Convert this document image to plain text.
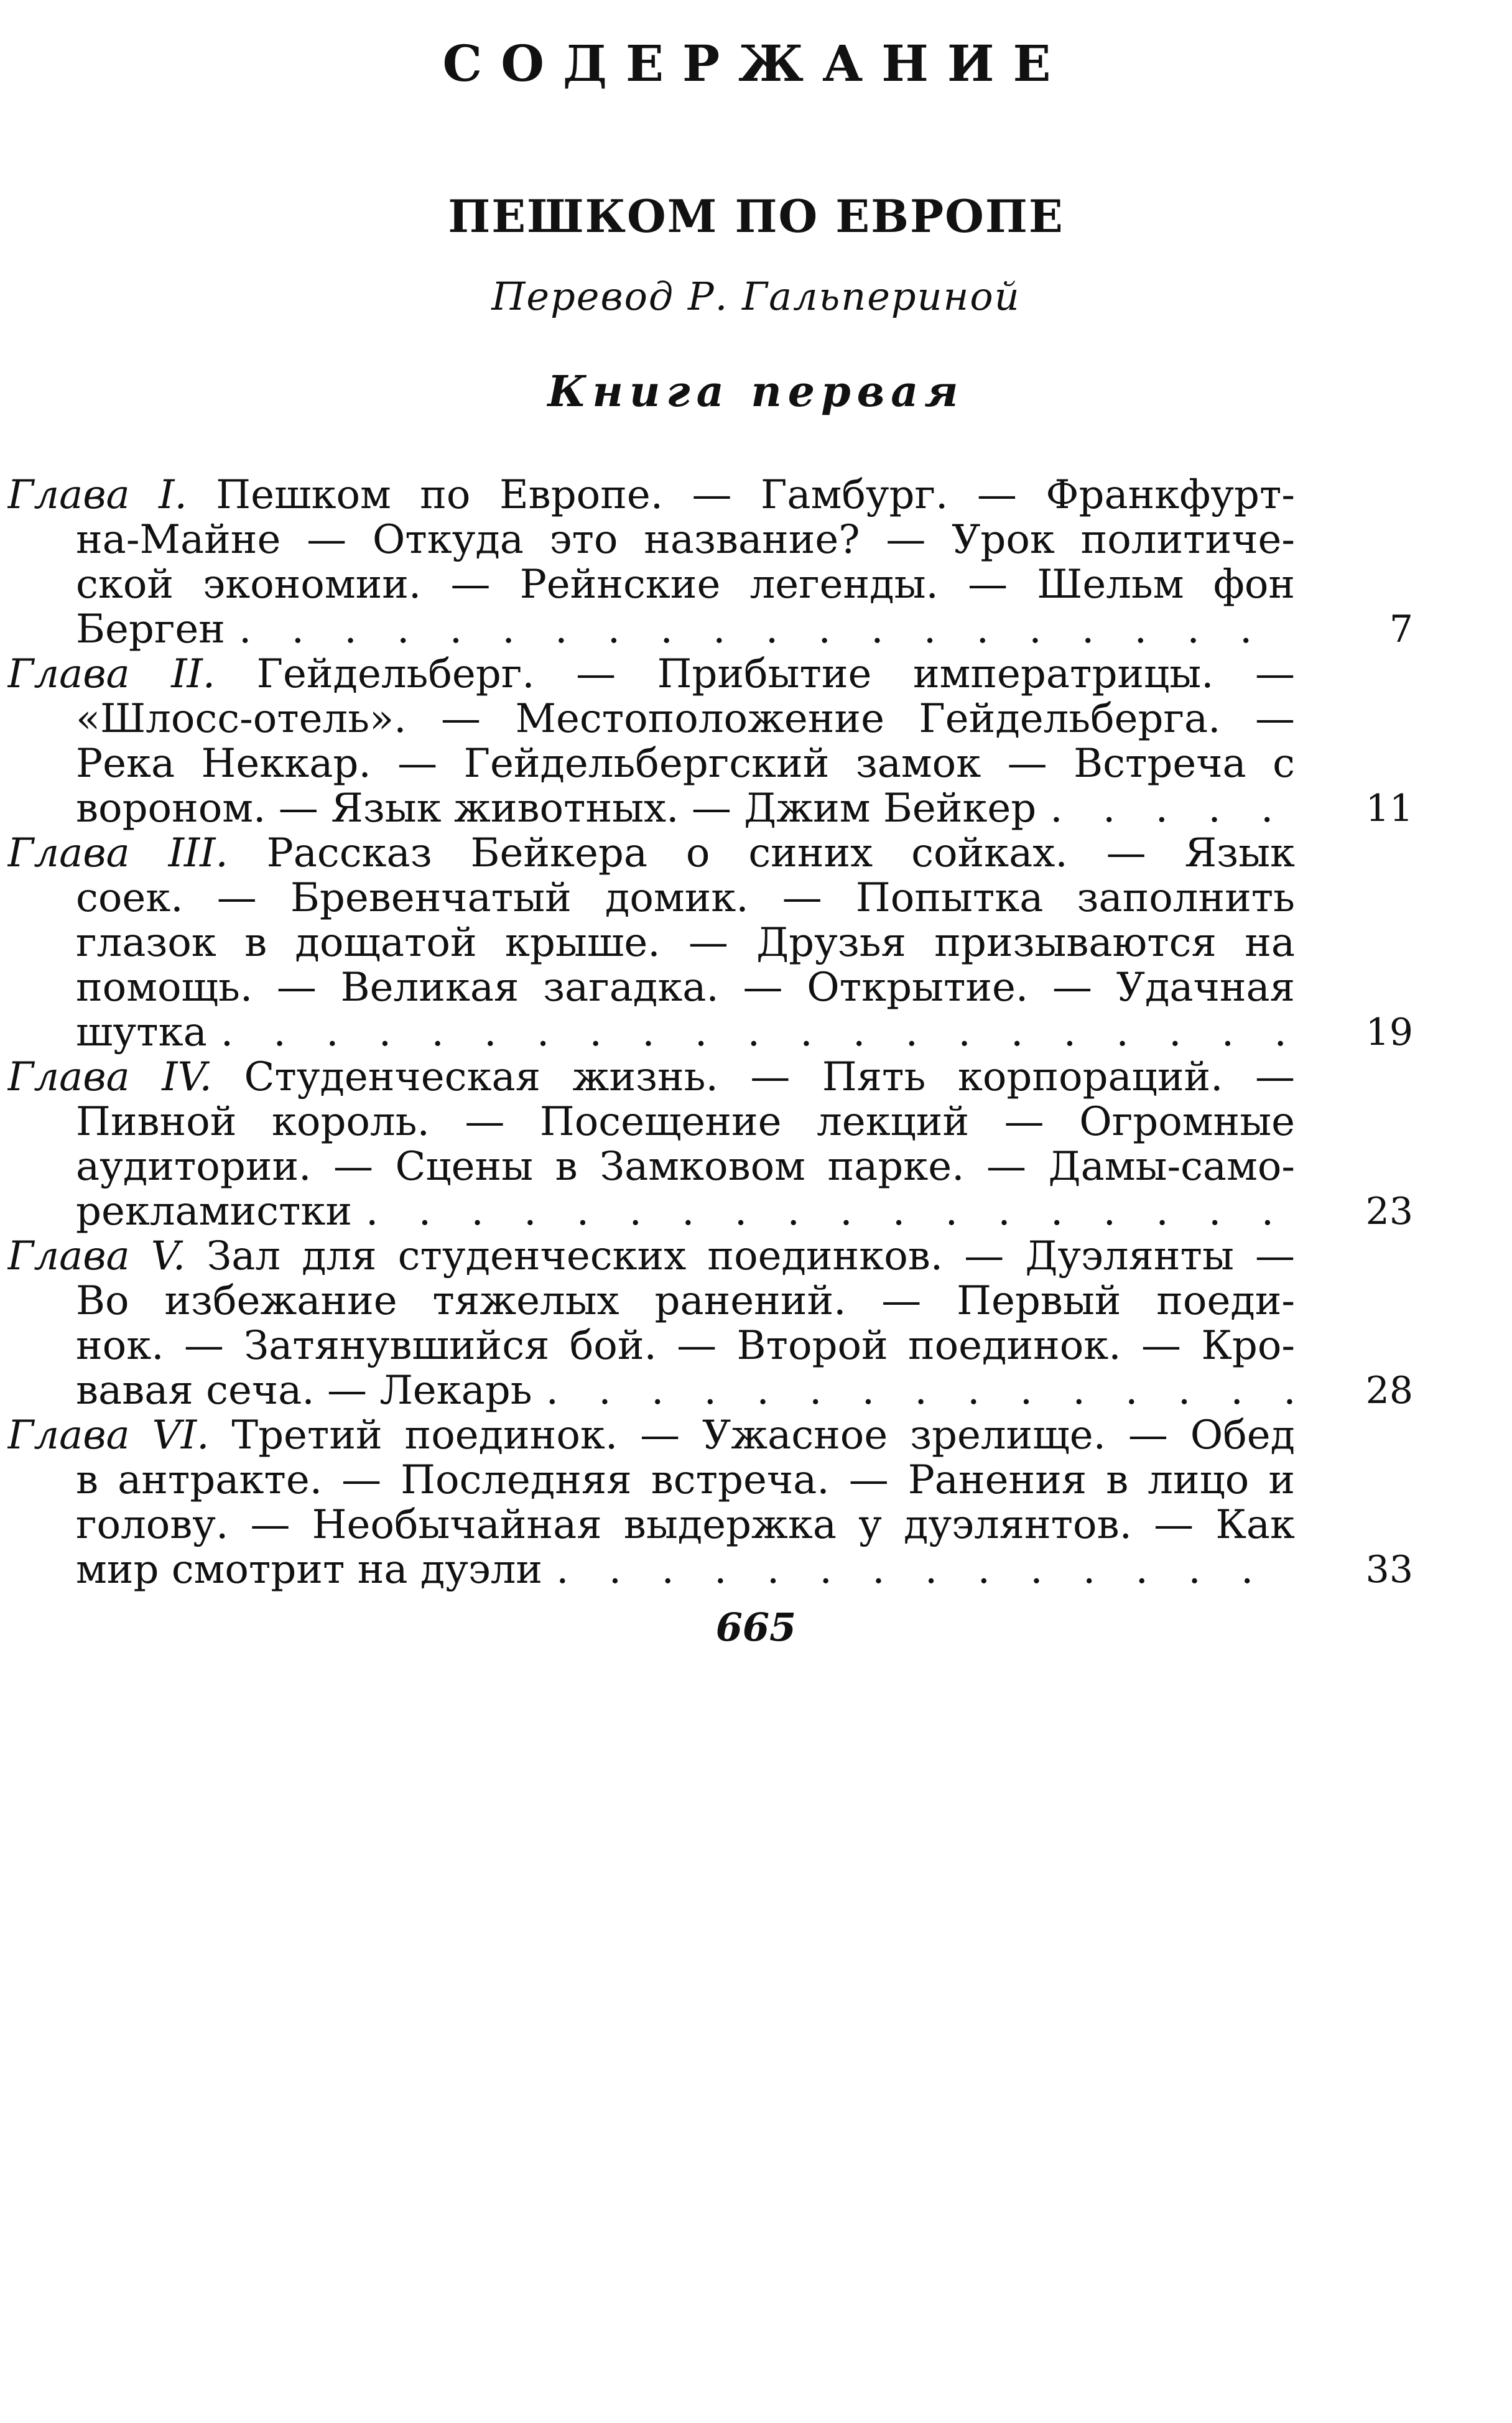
СОДЕРЖАНИЕ
ПЕШКОМ ПО ЕВРОПЕ
Перевод Р. Гальпериной
Книга первая
Глава I. Пешком по Европе. — Гамбург. — Франкфурт-
на-Майне — Откуда это название? — Урок политиче-
ской экономии. — Рейнские легенды. — Шельм фон
Берген . . .	7
Глава II. Гейдельберг. — Прибытие императрицы. —
«Шлосс-отель». — Местоположение Гейдельберга. —
Река Неккар. — Гейдельбергский замок — Встреча с
вороном. — Язык животных. — Джим Бейкер . . .	11
Глава III. Рассказ Бейкера о синих сойках. — Язык
соек. — Бревенчатый домик. — Попытка заполнить
глазок в дощатой крыше. — Друзья призываются на
помощь. — Великая загадка. — Открытие. — Удачная
шутка . . .	19
Глава IV. Студенческая жизнь. — Пять корпораций. —
Пивной король. — Посещение лекций — Огромные
аудитории. — Сцены в Замковом парке. — Дамы-само-
рекламистки . . .	23
Глава V. Зал для студенческих поединков. — Дуэлянты —
Во избежание тяжелых ранений. — Первый поеди-
нок. — Затянувшийся бой. — Второй поединок. — Кро-
вавая сеча. — Лекарь . . .	28
Глава VI. Третий поединок. — Ужасное зрелище. — Обед
в антракте. — Последняя встреча. — Ранения в лицо и
голову. — Необычайная выдержка у дуэлянтов. — Как
мир смотрит на дуэли . . .	33
665
